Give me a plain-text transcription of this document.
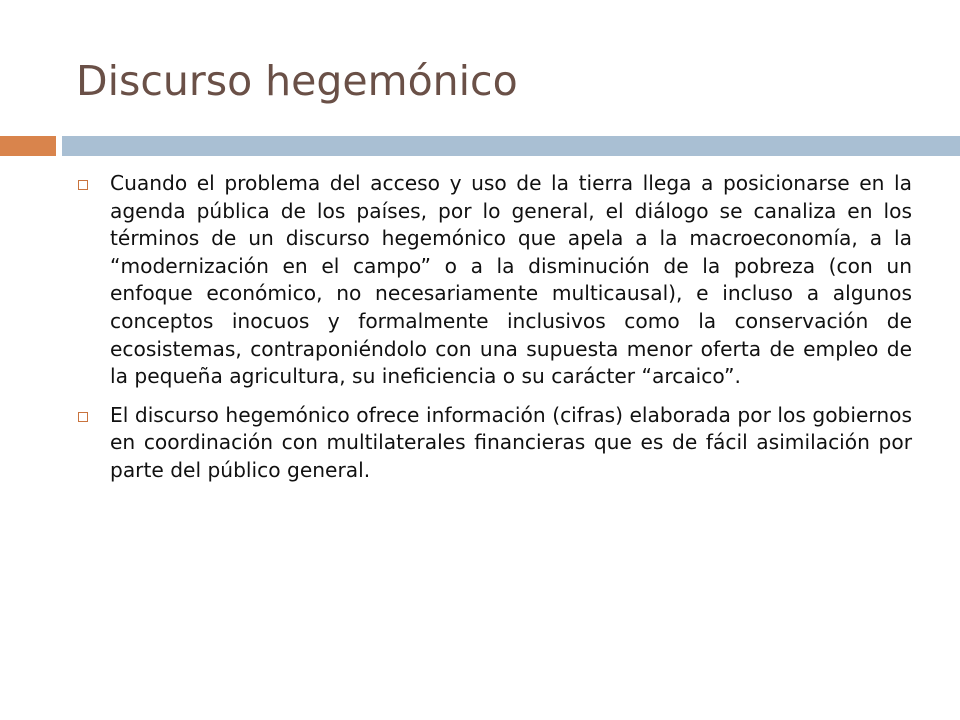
Discurso hegemónico
Cuando el problema del acceso y uso de la tierra llega a posicionarse en la agenda pública de los países, por lo general, el diálogo se canaliza en los términos de un discurso hegemónico que apela a la macroeconomía, a la “modernización en el campo” o a la disminución de la pobreza (con un enfoque económico, no necesariamente multicausal), e incluso a algunos conceptos inocuos y formalmente inclusivos como la conservación de ecosistemas, contraponiéndolo con una supuesta menor oferta de empleo de la pequeña agricultura, su ineficiencia o su carácter “arcaico”.
El discurso hegemónico ofrece información (cifras) elaborada por los gobiernos en coordinación con multilaterales financieras que es de fácil asimilación por parte del público general.
